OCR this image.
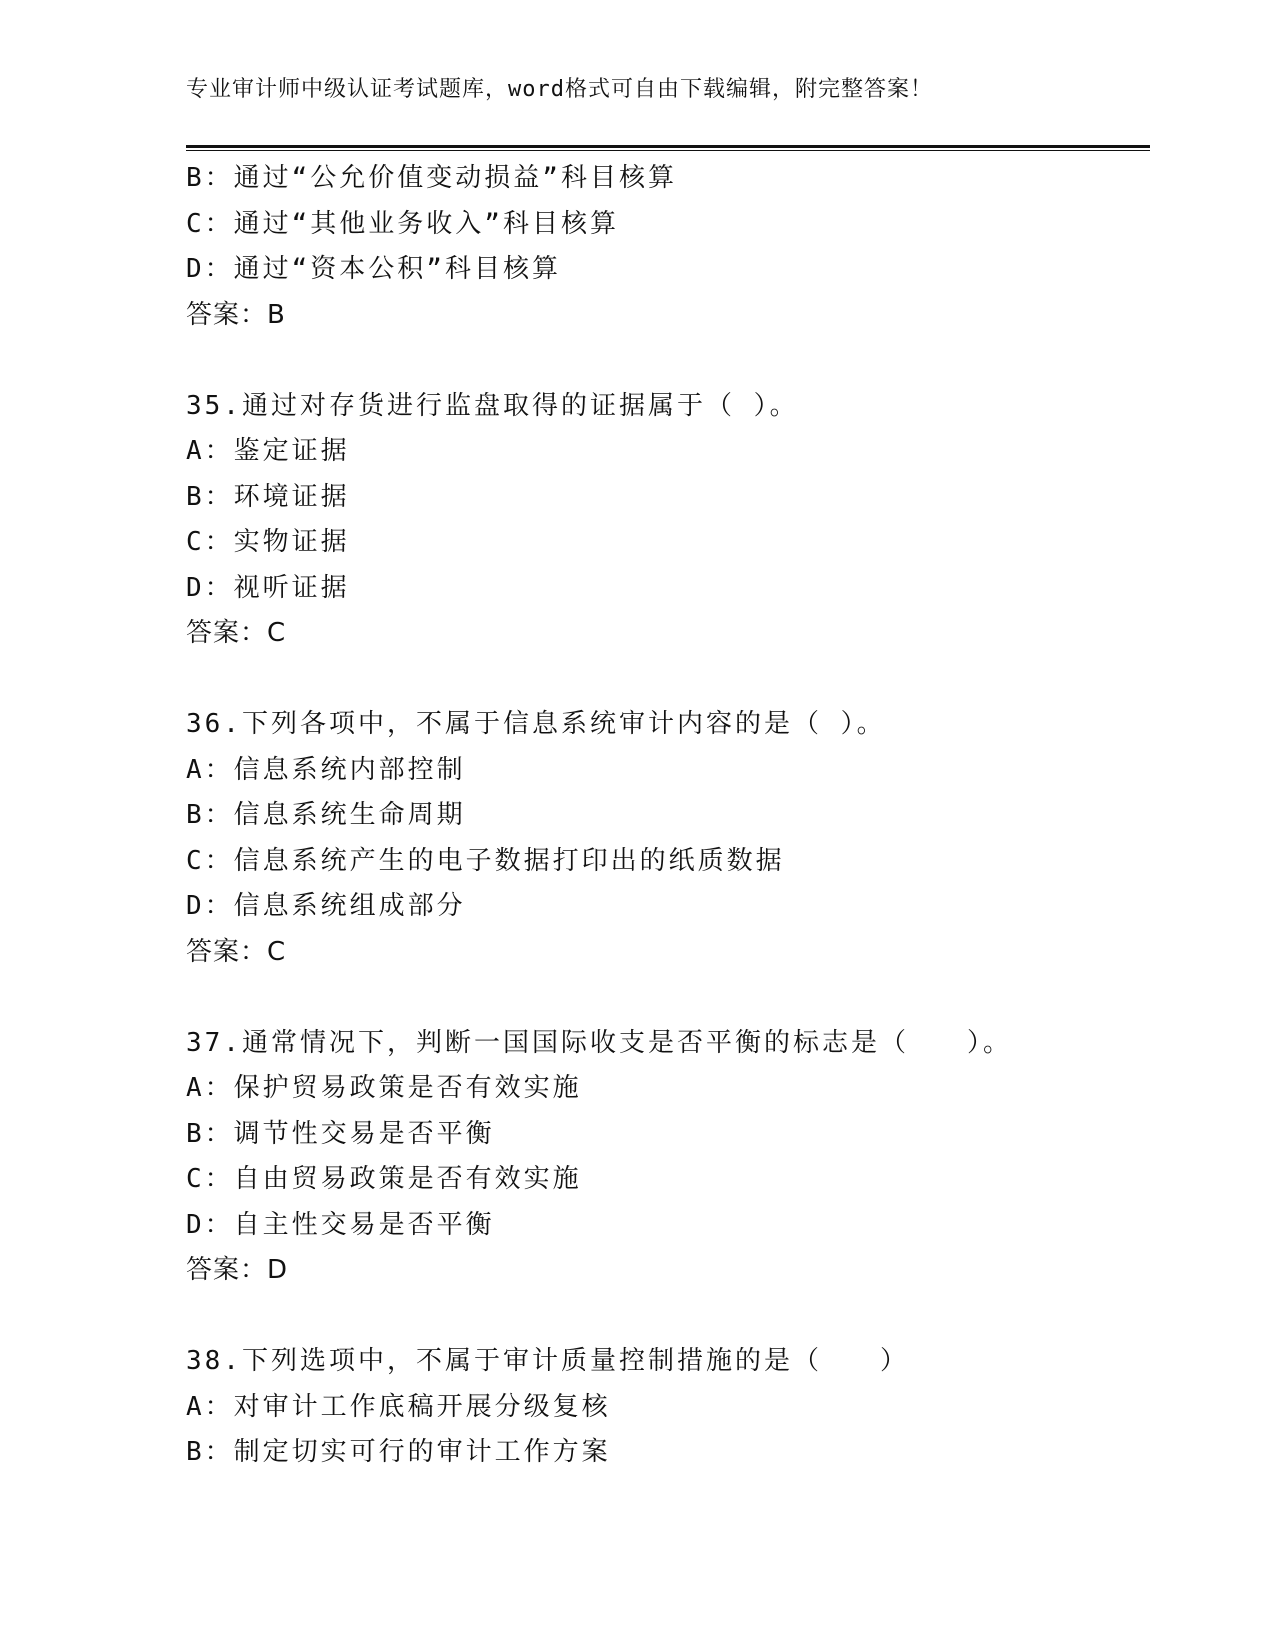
专业审计师中级认证考试题库，word格式可自由下载编辑，附完整答案！
B：通过“公允价值变动损益”科目核算
C：通过“其他业务收入”科目核算
D：通过“资本公积”科目核算
答案：B
35.通过对存货进行监盘取得的证据属于（ ）。
A：鉴定证据
B：环境证据
C：实物证据
D：视听证据
答案：C
36.下列各项中，不属于信息系统审计内容的是（ ）。
A：信息系统内部控制
B：信息系统生命周期
C：信息系统产生的电子数据打印出的纸质数据
D：信息系统组成部分
答案：C
37.通常情况下，判断一国国际收支是否平衡的标志是（　　）。
A：保护贸易政策是否有效实施
B：调节性交易是否平衡
C：自由贸易政策是否有效实施
D：自主性交易是否平衡
答案：D
38.下列选项中，不属于审计质量控制措施的是（　　）
A：对审计工作底稿开展分级复核
B：制定切实可行的审计工作方案
